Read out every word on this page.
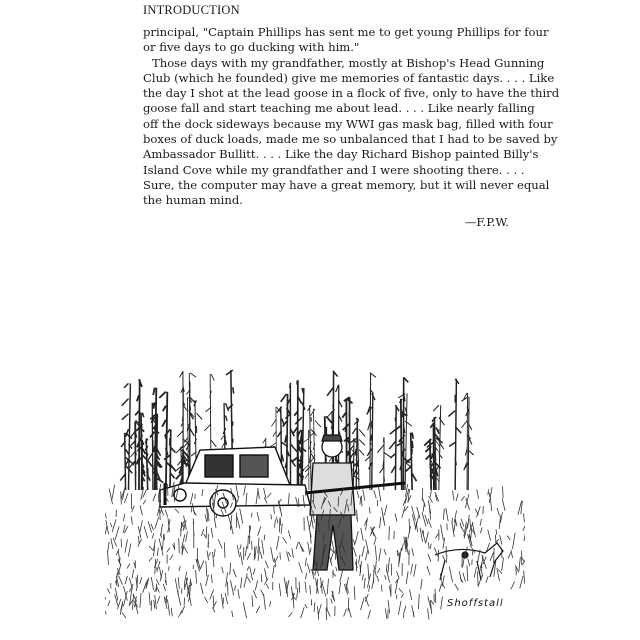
INTRODUCTION
principal, "Captain Phillips has sent me to get young Phillips for four
or five days to go ducking with him."
Those days with my grandfather, mostly at Bishop's Head Gunning
Club (which he founded) give me memories of fantastic days. . . . Like
the day I shot at the lead goose in a flock of five, only to have the third
goose fall and start teaching me about lead. . . . Like nearly falling
off the dock sideways because my WWI gas mask bag, filled with four
boxes of duck loads, made me so unbalanced that I had to be saved by
Ambassador Bullitt. . . . Like the day Richard Bishop painted Billy's
Island Cove while my grandfather and I were shooting there. . . .
Sure, the computer may have a great memory, but it will never equal
the human mind.
—F.P.W.
Shoffstall
